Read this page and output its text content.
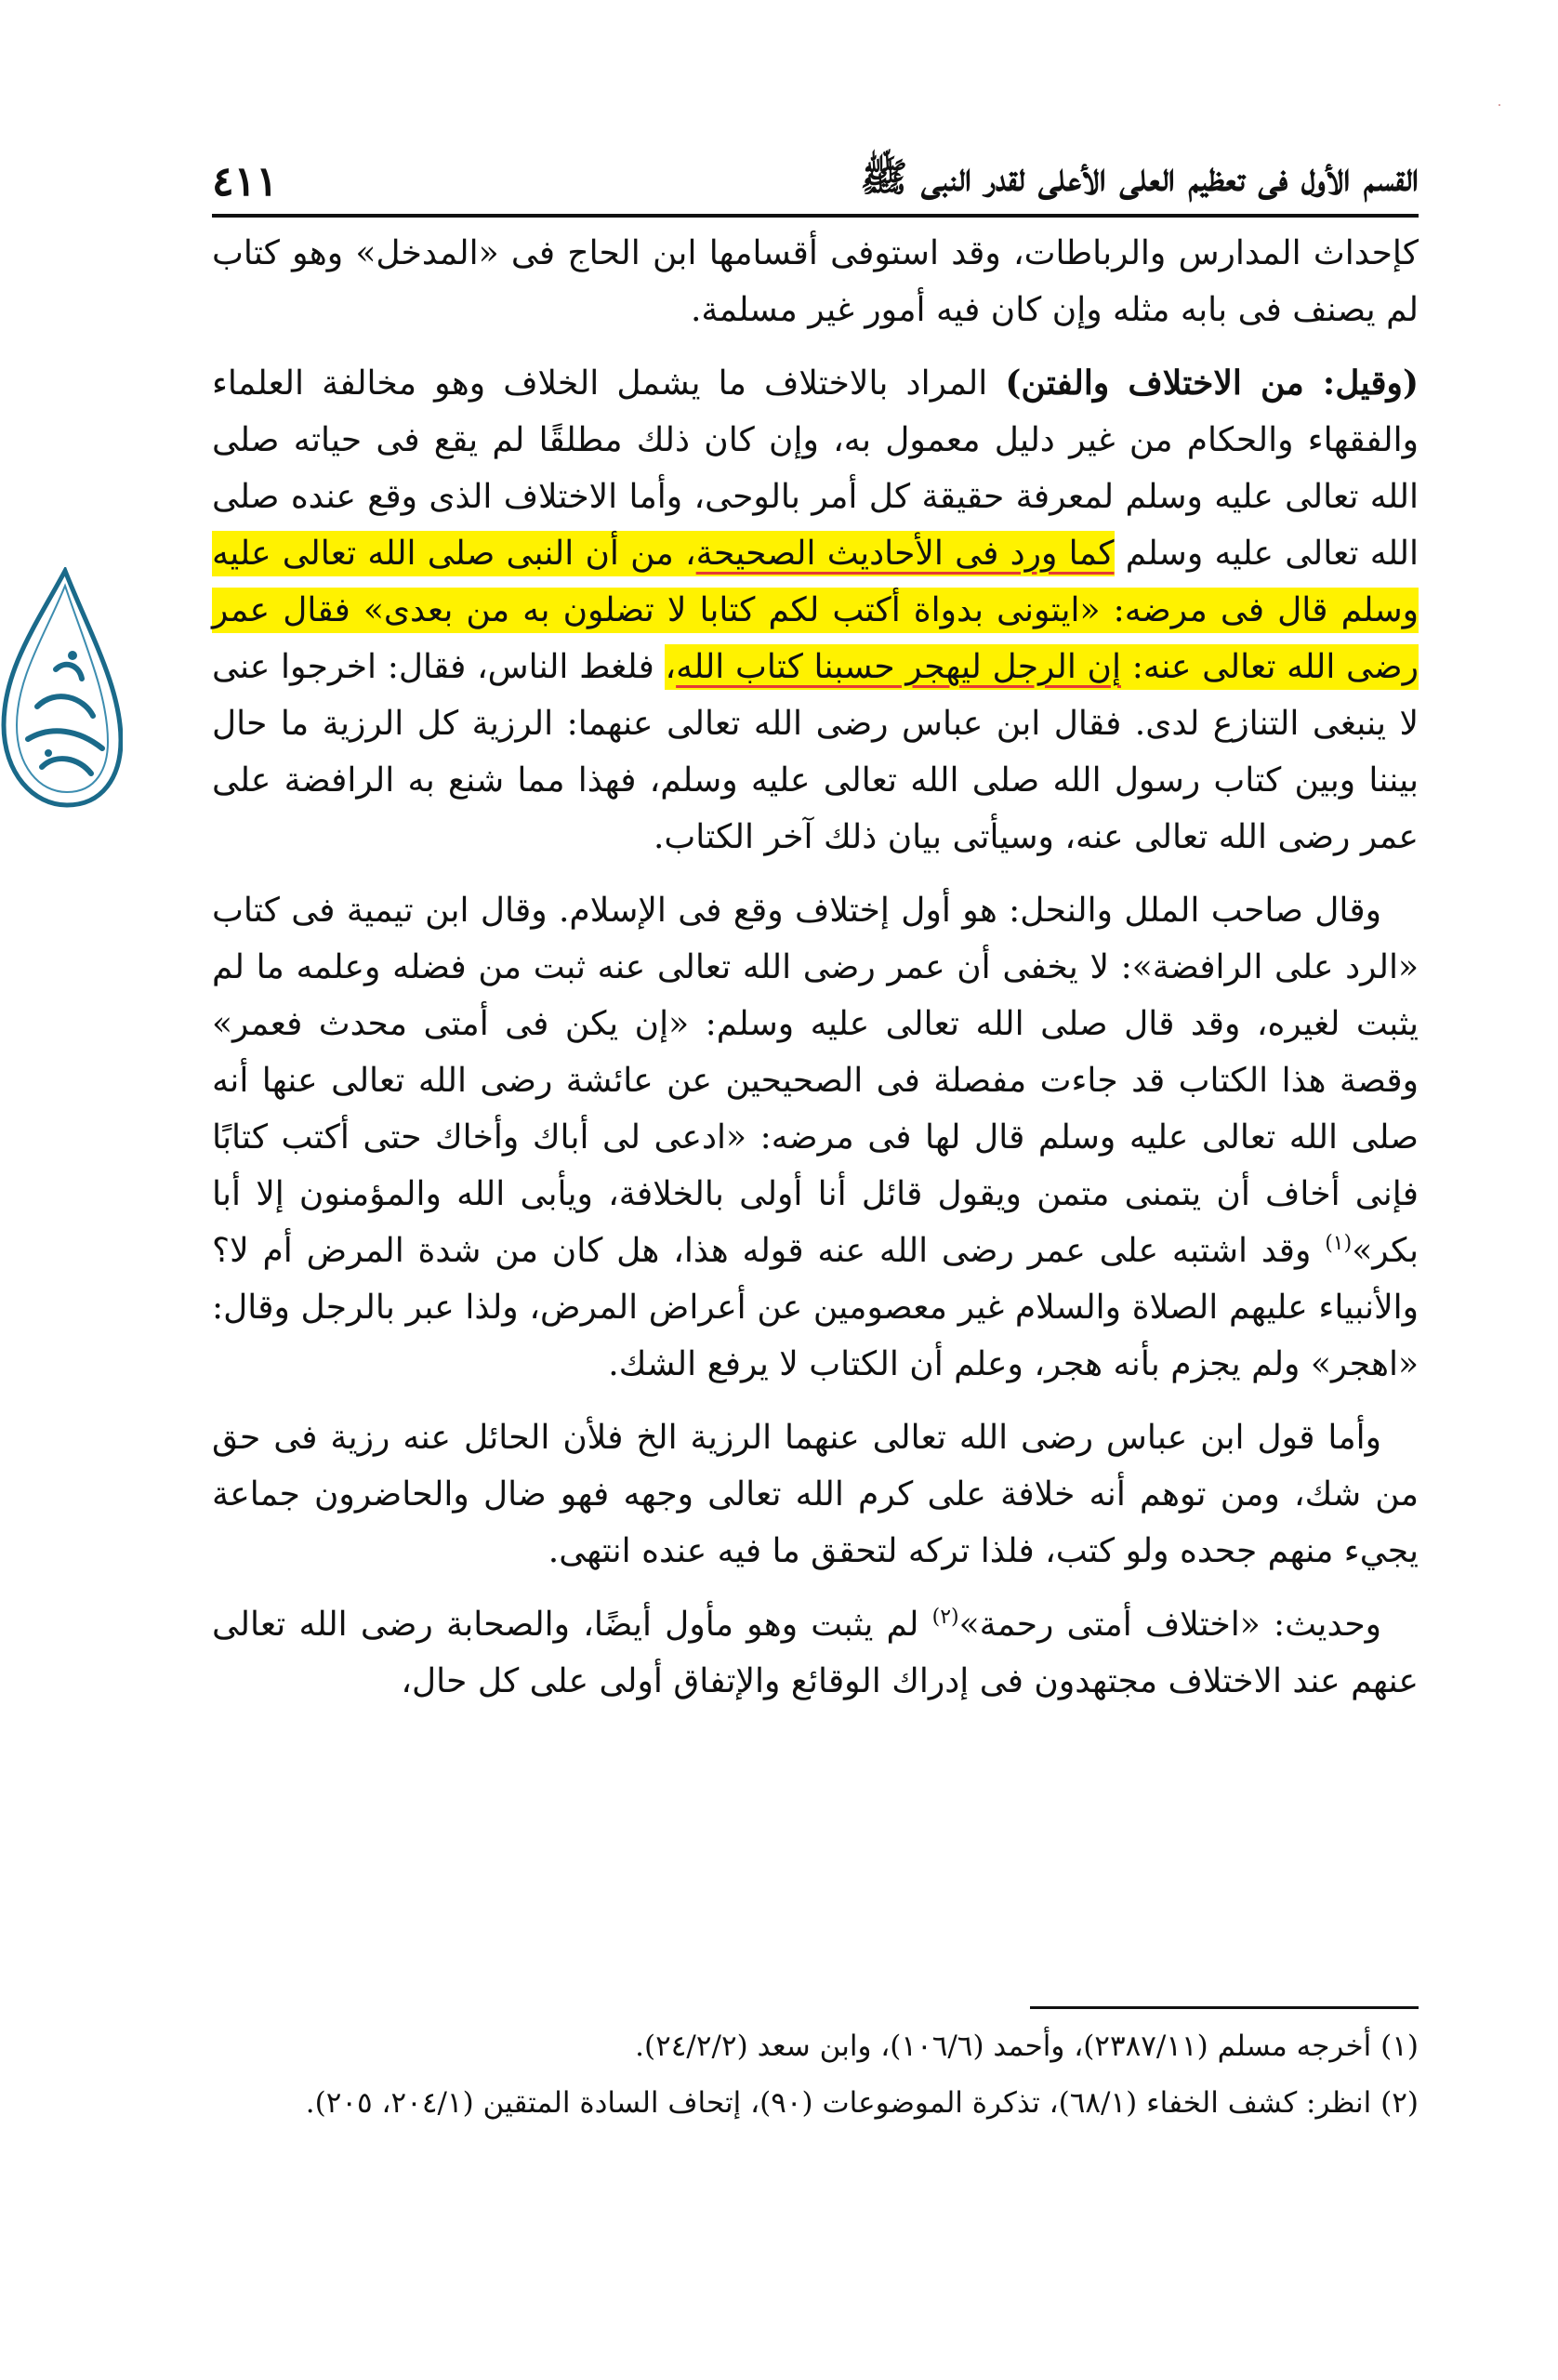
القسم الأول فى تعظيم العلى الأعلى لقدر النبى ﷺ
٤١١

كإحداث المدارس والرباطات، وقد استوفى أقسامها ابن الحاج فى «المدخل» وهو كتاب لم يصنف فى بابه مثله وإن كان فيه أمور غير مسلمة.

(وقيل: من الاختلاف والفتن) المراد بالاختلاف ما يشمل الخلاف وهو مخالفة العلماء والفقهاء والحكام من غير دليل معمول به، وإن كان ذلك مطلقًا لم يقع فى حياته صلى الله تعالى عليه وسلم لمعرفة حقيقة كل أمر بالوحى، وأما الاختلاف الذى وقع عنده صلى الله تعالى عليه وسلم كما ورد فى الأحاديث الصحيحة، من أن النبى صلى الله تعالى عليه وسلم قال فى مرضه: «ايتونى بدواة أكتب لكم كتابا لا تضلون به من بعدى» فقال عمر رضى الله تعالى عنه: إن الرجل ليهجر حسبنا كتاب الله، فلغط الناس، فقال: اخرجوا عنى لا ينبغى التنازع لدى. فقال ابن عباس رضى الله تعالى عنهما: الرزية كل الرزية ما حال بيننا وبين كتاب رسول الله صلى الله تعالى عليه وسلم، فهذا مما شنع به الرافضة على عمر رضى الله تعالى عنه، وسيأتى بيان ذلك آخر الكتاب.

وقال صاحب الملل والنحل: هو أول إختلاف وقع فى الإسلام. وقال ابن تيمية فى كتاب «الرد على الرافضة»: لا يخفى أن عمر رضى الله تعالى عنه ثبت من فضله وعلمه ما لم يثبت لغيره، وقد قال صلى الله تعالى عليه وسلم: «إن يكن فى أمتى محدث فعمر» وقصة هذا الكتاب قد جاءت مفصلة فى الصحيحين عن عائشة رضى الله تعالى عنها أنه صلى الله تعالى عليه وسلم قال لها فى مرضه: «ادعى لى أباك وأخاك حتى أكتب كتابًا فإنى أخاف أن يتمنى متمن ويقول قائل أنا أولى بالخلافة، ويأبى الله والمؤمنون إلا أبا بكر»$^{(١)}$ وقد اشتبه على عمر رضى الله عنه قوله هذا، هل كان من شدة المرض أم لا؟ والأنبياء عليهم الصلاة والسلام غير معصومين عن أعراض المرض، ولذا عبر بالرجل وقال: «اهجر» ولم يجزم بأنه هجر، وعلم أن الكتاب لا يرفع الشك.

وأما قول ابن عباس رضى الله تعالى عنهما الرزية الخ فلأن الحائل عنه رزية فى حق من شك، ومن توهم أنه خلافة على كرم الله تعالى وجهه فهو ضال والحاضرون جماعة يجيء منهم جحده ولو كتب، فلذا تركه لتحقق ما فيه عنده انتهى.

وحديث: «اختلاف أمتى رحمة»$^{(٢)}$ لم يثبت وهو مأول أيضًا، والصحابة رضى الله تعالى عنهم عند الاختلاف مجتهدون فى إدراك الوقائع والإتفاق أولى على كل حال،

(١) أخرجه مسلم (٢٣٨٧/١١)، وأحمد (١٠٦/٦)، وابن سعد (٢٤/٢/٢).

(٢) انظر: كشف الخفاء (٦٨/١)، تذكرة الموضوعات (٩٠)، إتحاف السادة المتقين (٢٠٤/١، ٢٠٥).
